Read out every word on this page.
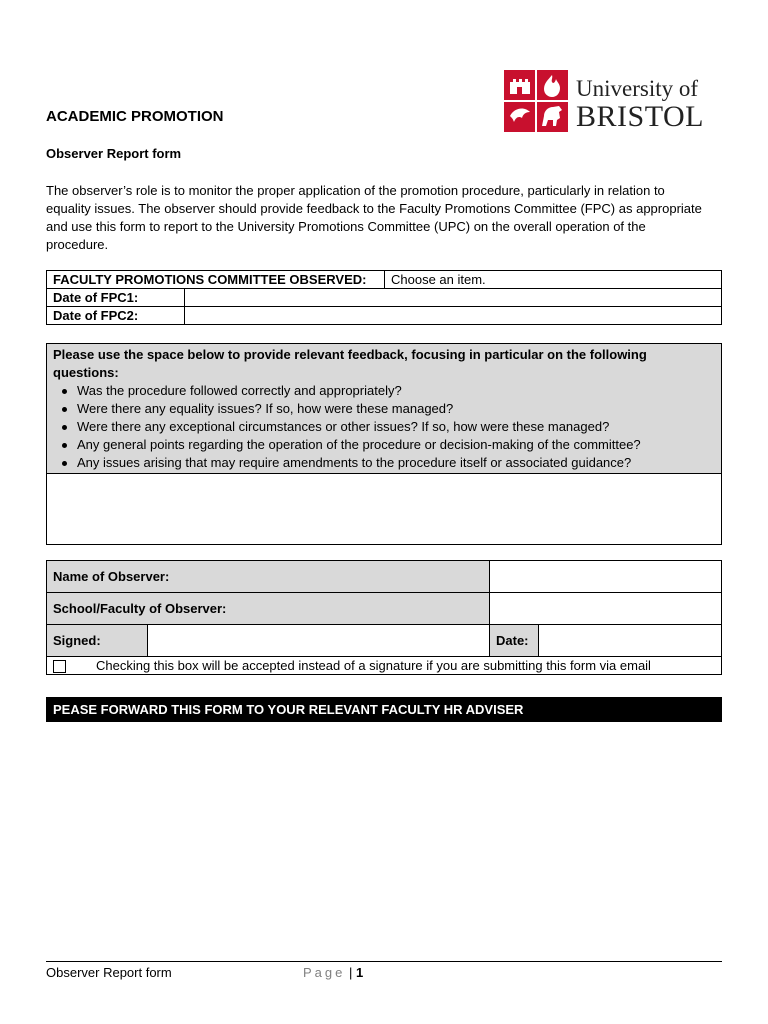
University of
BRISTOL
ACADEMIC PROMOTION
Observer Report form
The observer’s role is to monitor the proper application of the promotion procedure, particularly in relation to equality issues. The observer should provide feedback to the Faculty Promotions Committee (FPC) as appropriate and use this form to report to the University Promotions Committee (UPC) on the overall operation of the procedure.
FACULTY PROMOTIONS COMMITTEE OBSERVED:	Choose an item.
Date of FPC1:	
Date of FPC2:	
Please use the space below to provide relevant feedback, focusing in particular on the following questions:
Was the procedure followed correctly and appropriately?
Were there any equality issues? If so, how were these managed?
Were there any exceptional circumstances or other issues? If so, how were these managed?
Any general points regarding the operation of the procedure or decision-making of the committee?
Any issues arising that may require amendments to the procedure itself or associated guidance?
Name of Observer:			
School/Faculty of Observer:			
Signed:		Date:	
Checking this box will be accepted instead of a signature if you are submitting this form via email			
PEASE FORWARD THIS FORM TO YOUR RELEVANT FACULTY HR ADVISER
Observer Report form	Page | 1
